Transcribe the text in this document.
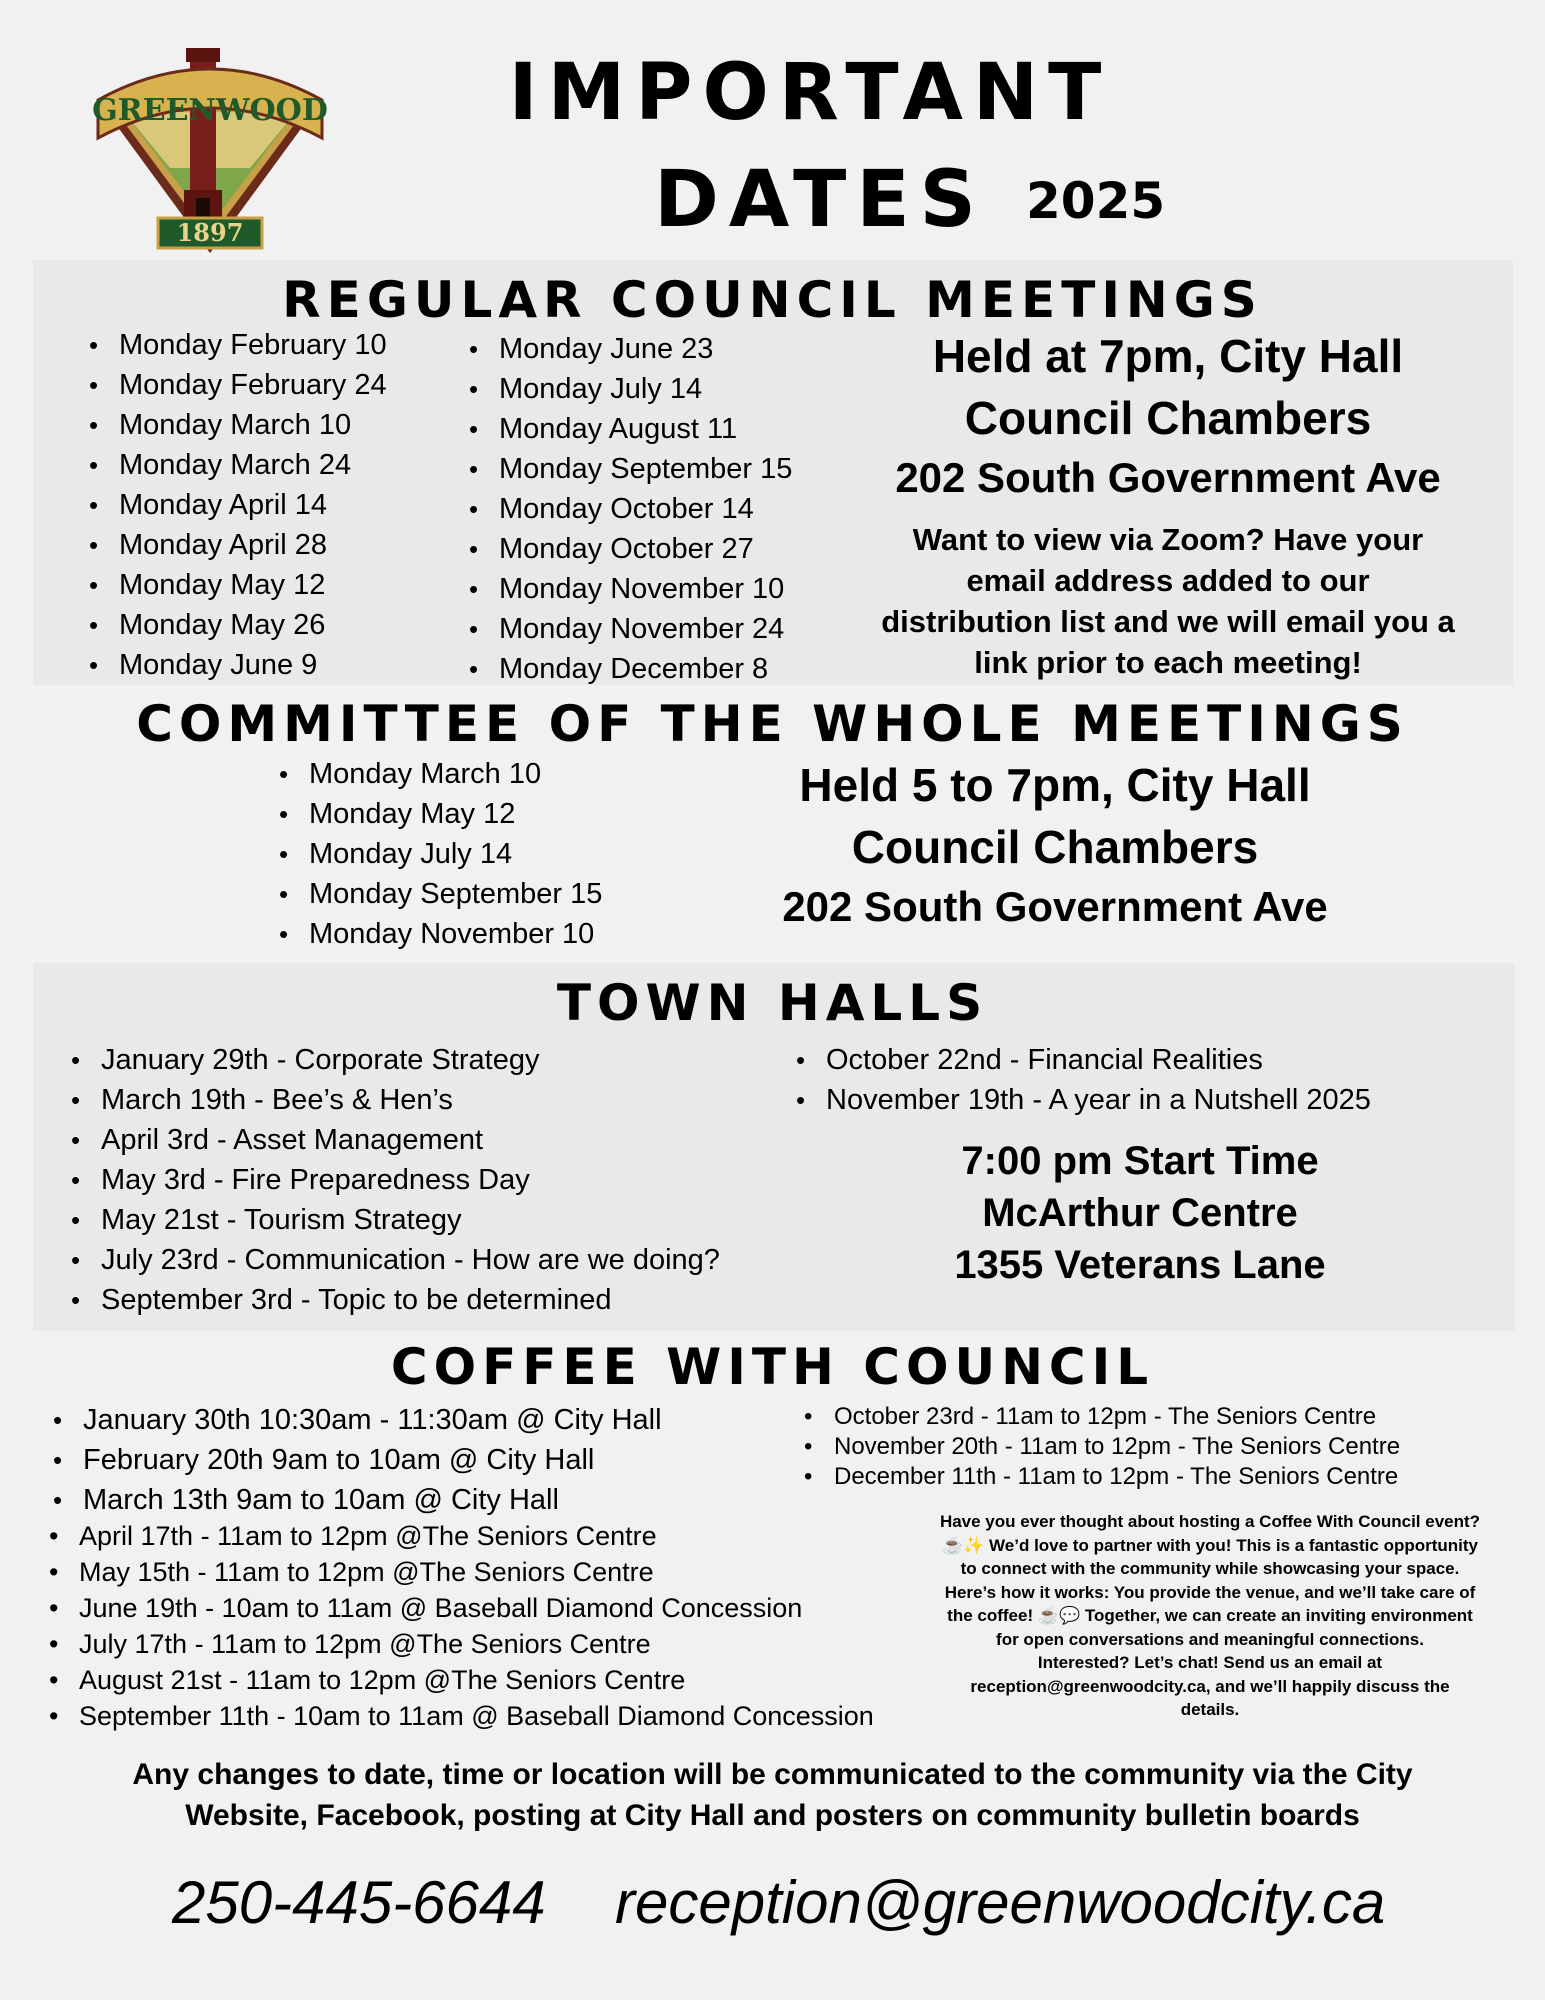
GREENWOOD
1897
IMPORTANT
DATES 2025
REGULAR COUNCIL MEETINGS
• Monday February 10
• Monday February 24
• Monday March 10
• Monday March 24
• Monday April 14
• Monday April 28
• Monday May 12
• Monday May 26
• Monday June 9
• Monday June 23
• Monday July 14
• Monday August 11
• Monday September 15
• Monday October 14
• Monday October 27
• Monday November 10
• Monday November 24
• Monday December 8
Held at 7pm, City Hall
Council Chambers
202 South Government Ave
Want to view via Zoom? Have your
email address added to our
distribution list and we will email you a
link prior to each meeting!
COMMITTEE OF THE WHOLE MEETINGS
• Monday March 10
• Monday May 12
• Monday July 14
• Monday September 15
• Monday November 10
Held 5 to 7pm, City Hall
Council Chambers
202 South Government Ave
TOWN HALLS
• January 29th - Corporate Strategy
• March 19th - Bee’s & Hen’s
• April 3rd - Asset Management
• May 3rd - Fire Preparedness Day
• May 21st - Tourism Strategy
• July 23rd - Communication - How are we doing?
• September 3rd - Topic to be determined
• October 22nd - Financial Realities
• November 19th - A year in a Nutshell 2025
7:00 pm Start Time
McArthur Centre
1355 Veterans Lane
COFFEE WITH COUNCIL
• January 30th 10:30am - 11:30am @ City Hall
• February 20th 9am to 10am @ City Hall
• March 13th 9am to 10am @ City Hall
• April 17th - 11am to 12pm @The Seniors Centre
• May 15th - 11am to 12pm @The Seniors Centre
• June 19th - 10am to 11am @ Baseball Diamond Concession
• July 17th - 11am to 12pm @The Seniors Centre
• August 21st - 11am to 12pm @The Seniors Centre
• September 11th - 10am to 11am @ Baseball Diamond Concession
• October 23rd - 11am to 12pm - The Seniors Centre
• November 20th - 11am to 12pm - The Seniors Centre
• December 11th - 11am to 12pm - The Seniors Centre
Have you ever thought about hosting a Coffee With Council event?
☕✨ We’d love to partner with you! This is a fantastic opportunity
to connect with the community while showcasing your space.
Here’s how it works: You provide the venue, and we’ll take care of
the coffee! ☕💬 Together, we can create an inviting environment
for open conversations and meaningful connections.
Interested? Let’s chat! Send us an email at
reception@greenwoodcity.ca, and we’ll happily discuss the
details.
Any changes to date, time or location will be communicated to the community via the City
Website, Facebook, posting at City Hall and posters on community bulletin boards
250-445-6644 reception@greenwoodcity.ca
